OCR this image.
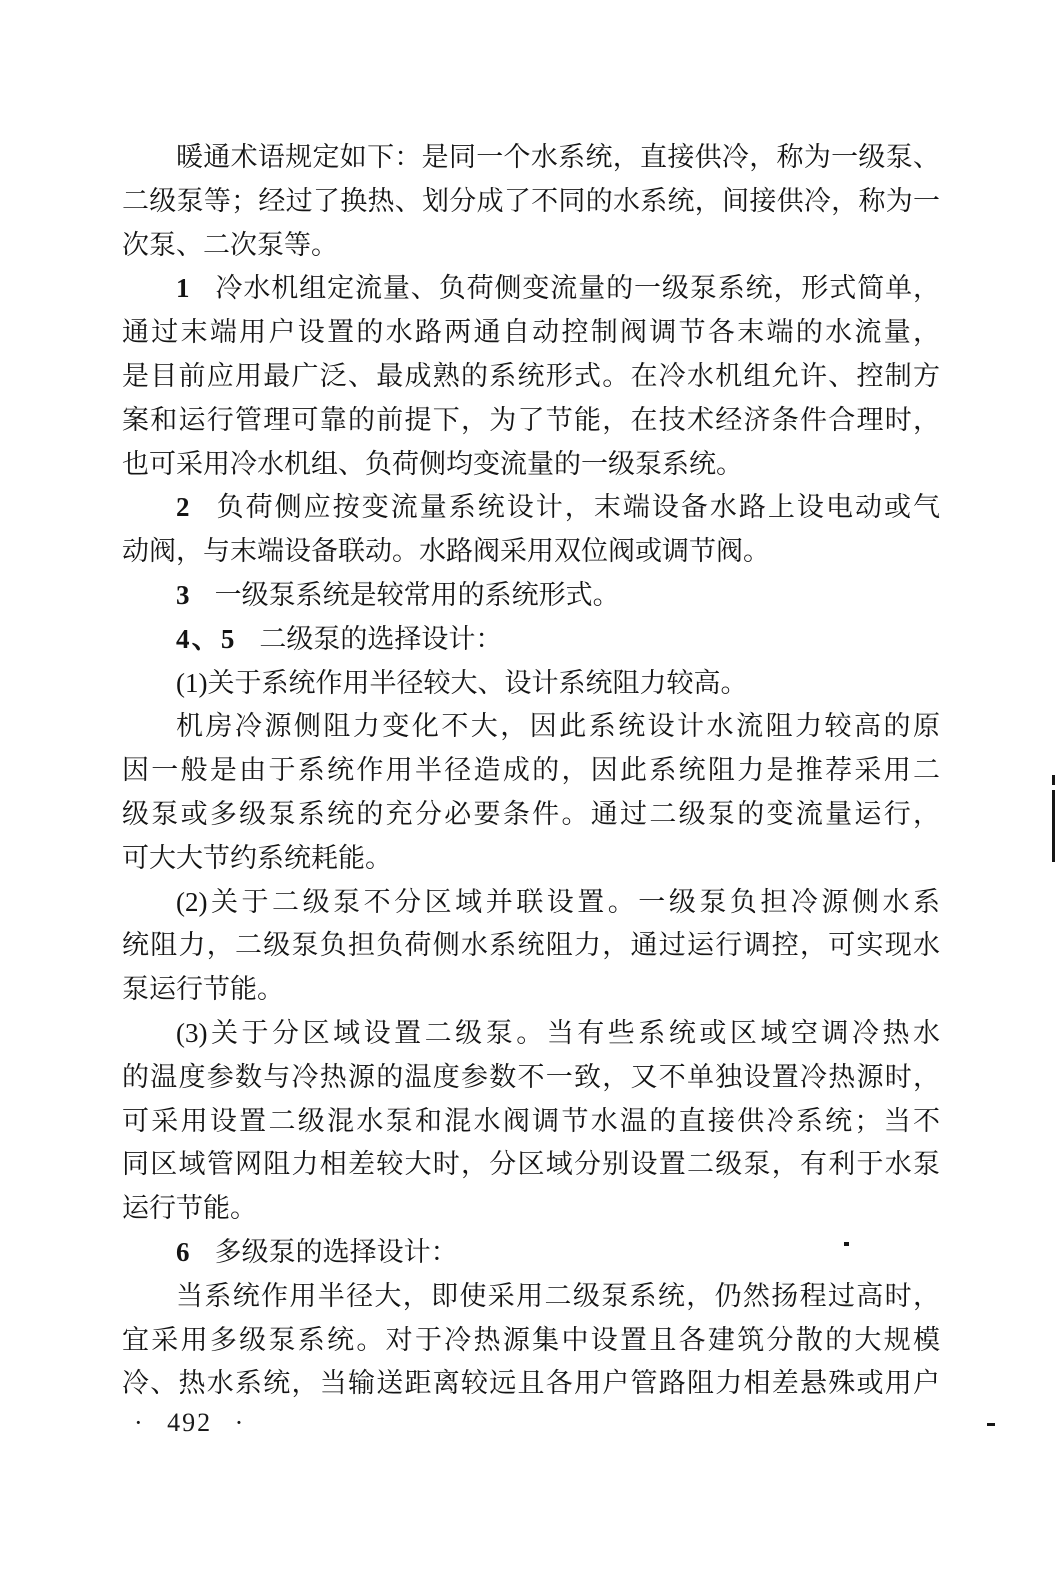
暖通术语规定如下：是同一个水系统，直接供冷，称为一级泵、
二级泵等；经过了换热、划分成了不同的水系统，间接供冷，称为一
次泵、二次泵等。
1 冷水机组定流量、负荷侧变流量的一级泵系统，形式简单，
通过末端用户设置的水路两通自动控制阀调节各末端的水流量，
是目前应用最广泛、最成熟的系统形式。在冷水机组允许、控制方
案和运行管理可靠的前提下，为了节能，在技术经济条件合理时，
也可采用冷水机组、负荷侧均变流量的一级泵系统。
2 负荷侧应按变流量系统设计，末端设备水路上设电动或气
动阀，与末端设备联动。水路阀采用双位阀或调节阀。
3 一级泵系统是较常用的系统形式。
4、5 二级泵的选择设计：
(1)关于系统作用半径较大、设计系统阻力较高。
机房冷源侧阻力变化不大，因此系统设计水流阻力较高的原
因一般是由于系统作用半径造成的，因此系统阻力是推荐采用二
级泵或多级泵系统的充分必要条件。通过二级泵的变流量运行，
可大大节约系统耗能。
(2)关于二级泵不分区域并联设置。一级泵负担冷源侧水系
统阻力，二级泵负担负荷侧水系统阻力，通过运行调控，可实现水
泵运行节能。
(3)关于分区域设置二级泵。当有些系统或区域空调冷热水
的温度参数与冷热源的温度参数不一致，又不单独设置冷热源时，
可采用设置二级混水泵和混水阀调节水温的直接供冷系统；当不
同区域管网阻力相差较大时，分区域分别设置二级泵，有利于水泵
运行节能。
6 多级泵的选择设计：
当系统作用半径大，即使采用二级泵系统，仍然扬程过高时，
宜采用多级泵系统。对于冷热源集中设置且各建筑分散的大规模
冷、热水系统，当输送距离较远且各用户管路阻力相差悬殊或用户
· 492 ·
